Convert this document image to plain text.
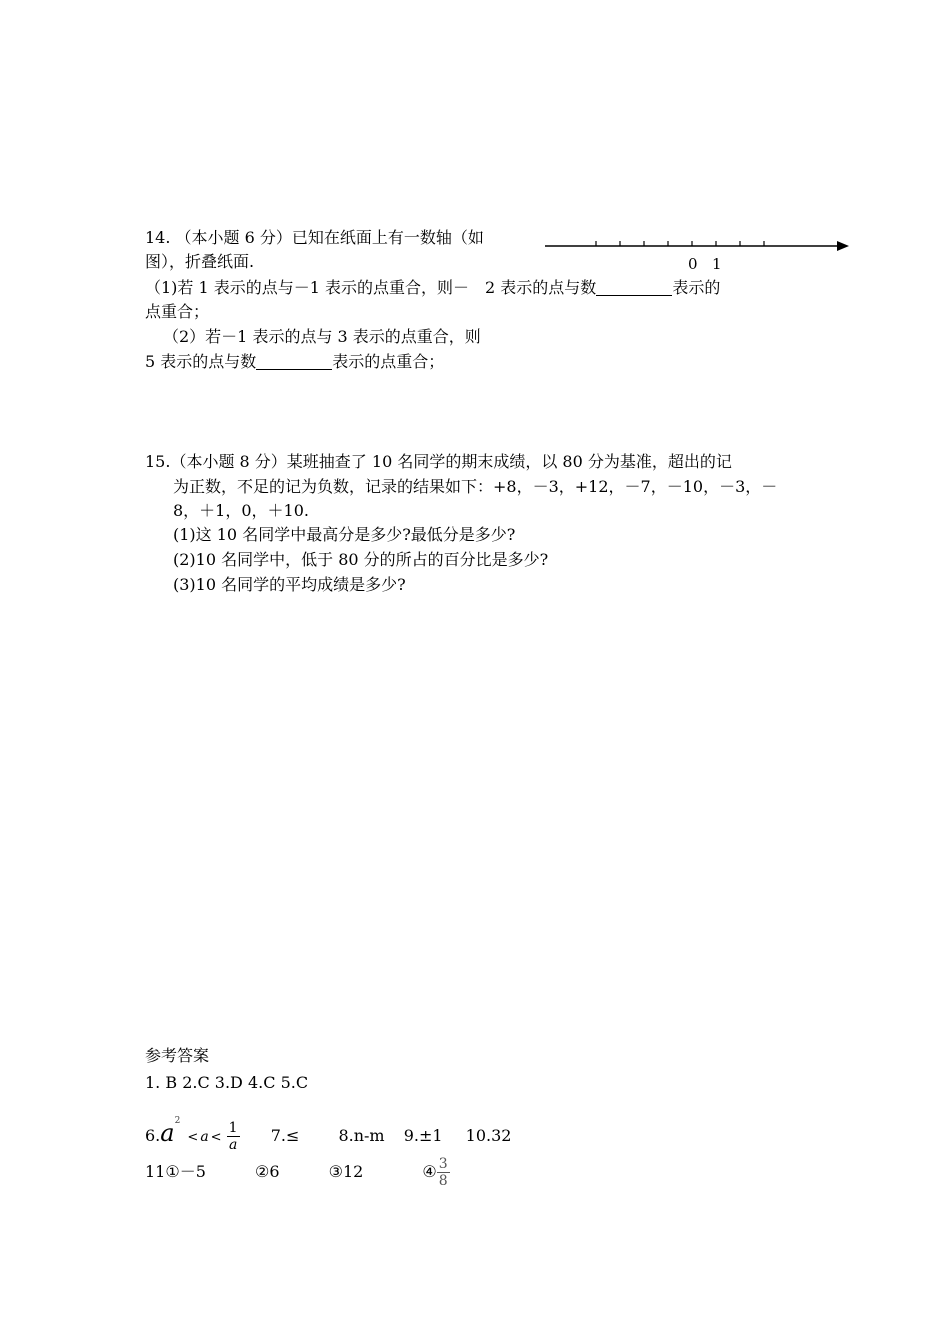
14. （本小题 6 分）已知在纸面上有一数轴（如
图），折叠纸面.	0 1
（1)若 1 表示的点与－1 表示的点重合，则－　2 表示的点与数	表示的
点重合；
（2）若－1 表示的点与 3 表示的点重合，则
5 表示的点与数	表示的点重合；
15.（本小题 8 分）某班抽查了 10 名同学的期末成绩，以 80 分为基准，超出的记
为正数，不足的记为负数，记录的结果如下：+8，－3，+12，－7，－10，－3，－
8，＋1，0，＋10.
(1)这 10 名同学中最高分是多少?最低分是多少?
(2)10 名同学中，低于 80 分的所占的百分比是多少?
(3)10 名同学的平均成绩是多少?
参考答案
1. B 2.C 3.D 4.C 5.C
$6.a^2 < a < \frac{1}{a} 7.\le 8.n-m$ 9.±1 10.32
11①－5	②6	③12	④ $\frac{3}{8}$
